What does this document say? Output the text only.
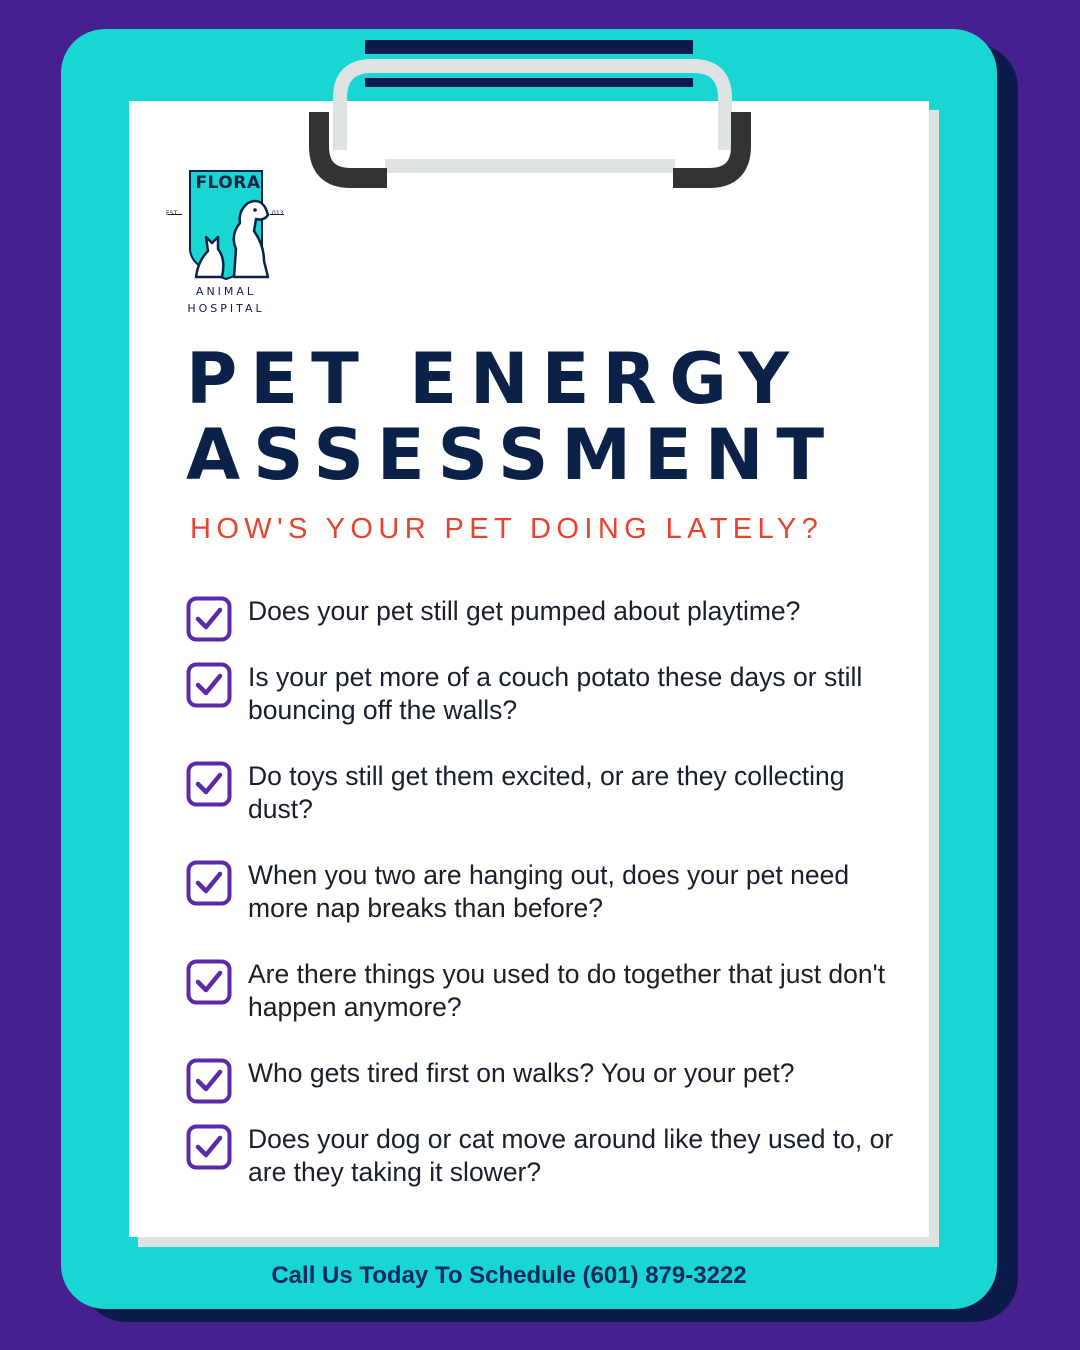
FLORA
EST	013
ANIMAL
HOSPITAL
PET ENERGY
ASSESSMENT
HOW'S YOUR PET DOING LATELY?
Does your pet still get pumped about playtime?
Is your pet more of a couch potato these days or still bouncing off the walls?
Do toys still get them excited, or are they collecting dust?
When you two are hanging out, does your pet need more nap breaks than before?
Are there things you used to do together that just don't happen anymore?
Who gets tired first on walks? You or your pet?
Does your dog or cat move around like they used to, or are they taking it slower?
Call Us Today To Schedule (601) 879-3222
